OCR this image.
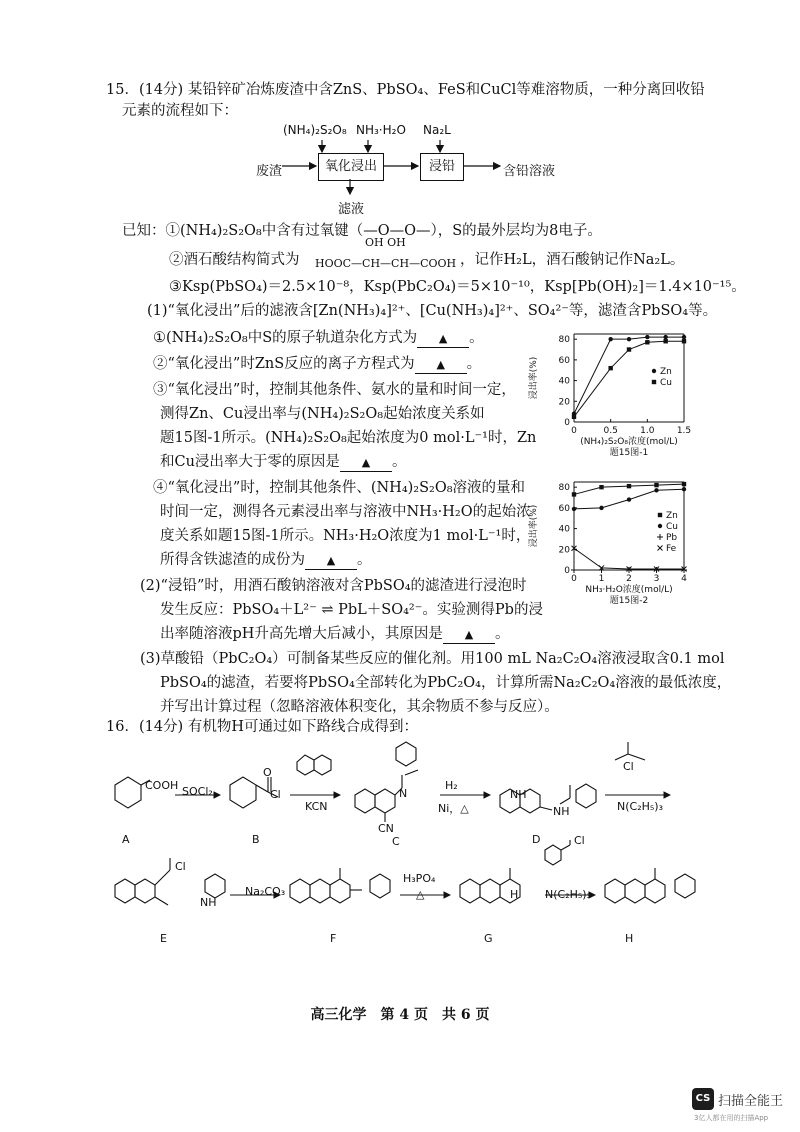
15．(14分) 某铅锌矿冶炼废渣中含ZnS、PbSO₄、FeS和CuCl等难溶物质，一种分离回收铅
元素的流程如下：
(NH₄)₂S₂O₈ NH₃·H₂O Na₂L
废渣	氧化浸出	浸铅	含铅溶液
滤液
已知：①(NH₄)₂S₂O₈中含有过氧键（—O—O—），S的最外层均为8电子。
②酒石酸结构简式为
OH OH
HOOC—CH—CH—COOH ，记作H₂L，酒石酸钠记作Na₂L。
③Ksp(PbSO₄)＝2.5×10⁻⁸，Ksp(PbC₂O₄)＝5×10⁻¹⁰，Ksp[Pb(OH)₂]＝1.4×10⁻¹⁵。
(1)“氧化浸出”后的滤液含[Zn(NH₃)₄]²⁺、[Cu(NH₃)₄]²⁺、SO₄²⁻等，滤渣含PbSO₄等。
①(NH₄)₂S₂O₈中S的原子轨道杂化方式为 ▲ 。
②“氧化浸出”时ZnS反应的离子方程式为 ▲ 。
③“氧化浸出”时，控制其他条件、氨水的量和时间一定，
测得Zn、Cu浸出率与(NH₄)₂S₂O₈起始浓度关系如
题15图-1所示。(NH₄)₂S₂O₈起始浓度为0 mol·L⁻¹时，Zn
和Cu浸出率大于零的原因是 ▲ 。
④“氧化浸出”时，控制其他条件、(NH₄)₂S₂O₈溶液的量和
时间一定，测得各元素浸出率与溶液中NH₃·H₂O的起始浓
度关系如题15图-1所示。NH₃·H₂O浓度为1 mol·L⁻¹时，
所得含铁滤渣的成份为 ▲ 。
(2)“浸铅”时，用酒石酸钠溶液对含PbSO₄的滤渣进行浸泡时
发生反应：PbSO₄＋L²⁻ ⇌ PbL＋SO₄²⁻。实验测得Pb的浸
出率随溶液pH升高先增大后减小，其原因是 ▲ 。
(3)草酸铅（PbC₂O₄）可制备某些反应的催化剂。用100 mL Na₂C₂O₄溶液浸取含0.1 mol
PbSO₄的滤渣，若要将PbSO₄全部转化为PbC₂O₄，计算所需Na₂C₂O₄溶液的最低浓度，
并写出计算过程（忽略溶液体积变化，其余物质不参与反应）。
0
20
40
60
80
0	0.5 1.0 1.5
浸出率(%)
(NH₄)₂S₂O₈浓度(mol/L)
题15图-1
Zn
Cu
0
20
40
60
80
0 1 2 3 4
浸出率(%)
NH₃·H₂O浓度(mol/L)
题15图-2
Zn
Cu
Pb
Fe
16．(14分) 有机物H可通过如下路线合成得到：
COOH
Cl
O
CN
N	NH
NH
Cl
SOCl₂
KCN
H₂
Ni，△	N(C₂H₅)₃
A	B	C	D
Cl
NH
Na₂CO₃
H₃PO₄
△	N(C₂H₅)₃
Cl
H
E	F	G	H
高三化学　第 4 页　共 6 页
CS 扫描全能王
3亿人都在用的扫描App
